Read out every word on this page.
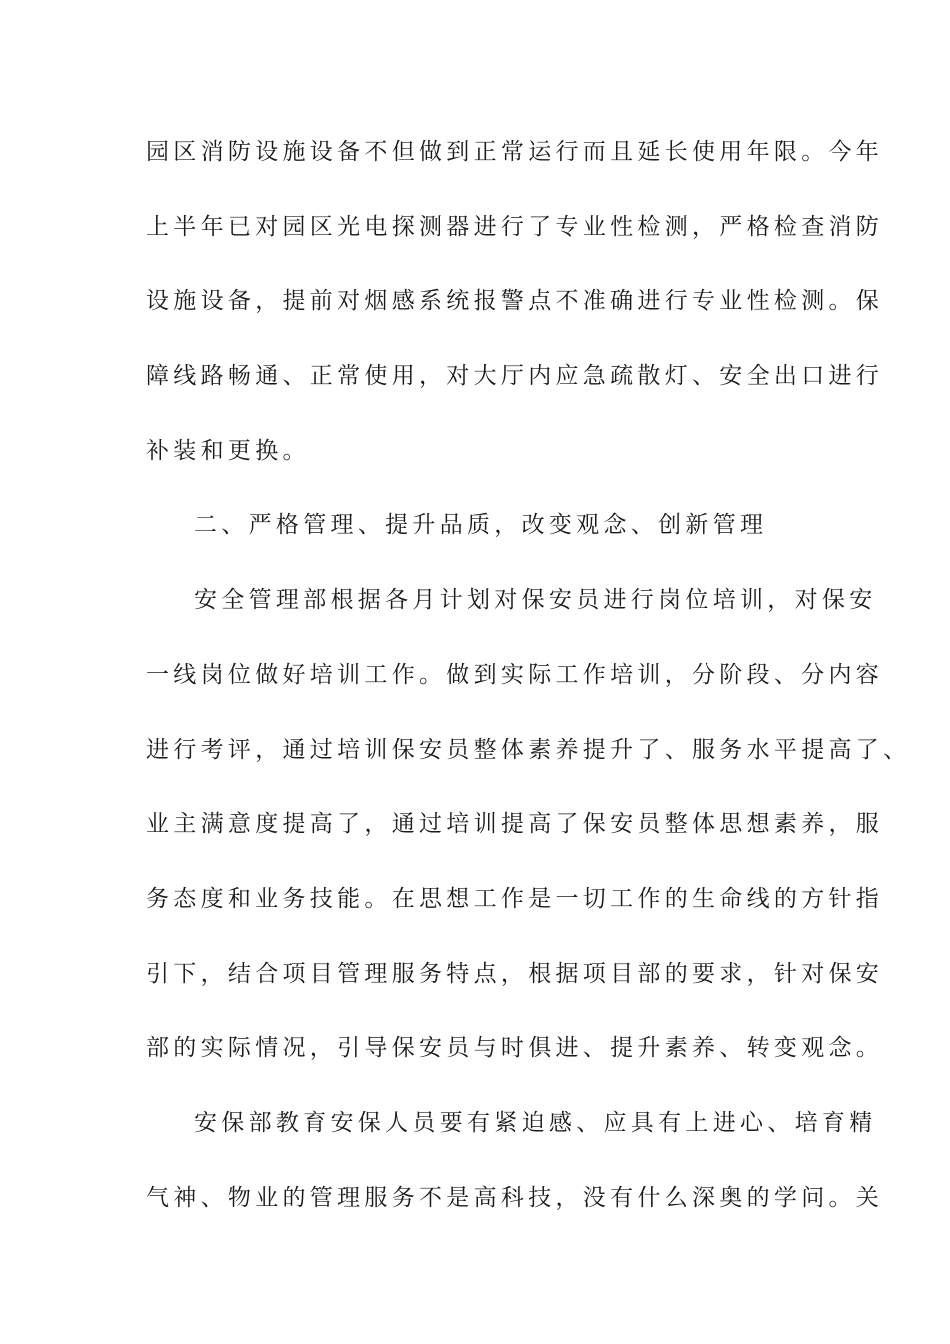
园区消防设施设备不但做到正常运行而且延长使用年限。今年
上半年已对园区光电探测器进行了专业性检测，严格检查消防
设施设备，提前对烟感系统报警点不准确进行专业性检测。保
障线路畅通、正常使用，对大厅内应急疏散灯、安全出口进行
补装和更换。
二、严格管理、提升品质，改变观念、创新管理
安全管理部根据各月计划对保安员进行岗位培训，对保安
一线岗位做好培训工作。做到实际工作培训，分阶段、分内容
进行考评，通过培训保安员整体素养提升了、服务水平提高了、
业主满意度提高了，通过培训提高了保安员整体思想素养，服
务态度和业务技能。在思想工作是一切工作的生命线的方针指
引下，结合项目管理服务特点，根据项目部的要求，针对保安
部的实际情况，引导保安员与时俱进、提升素养、转变观念。
安保部教育安保人员要有紧迫感、应具有上进心、培育精
气神、物业的管理服务不是高科技，没有什么深奥的学问。关
